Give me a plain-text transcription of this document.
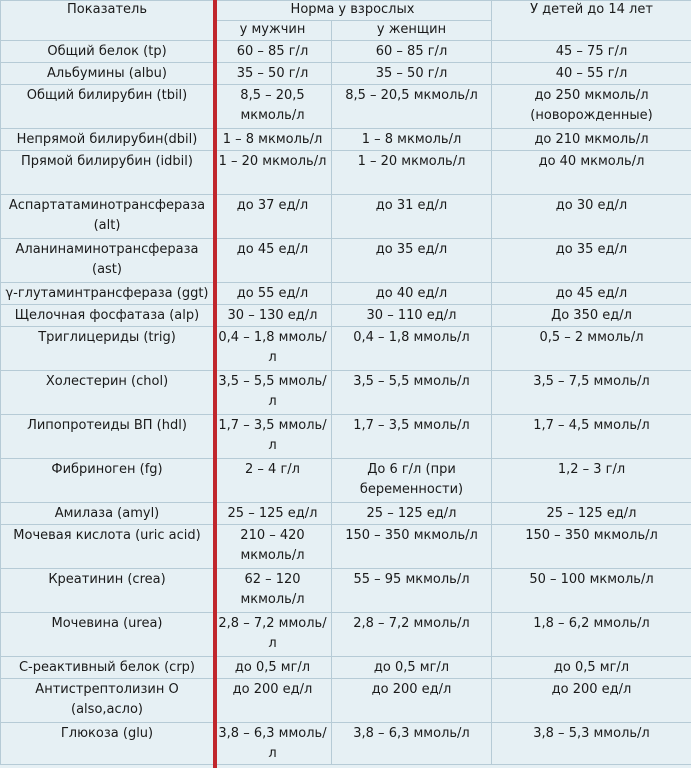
Показатель	Норма у взрослых		У детей до 14 лет
	у мужчин	у женщин	
Общий белок (tp)	60 – 85 г/л	60 – 85 г/л	45 – 75 г/л
Альбумины (albu)	35 – 50 г/л	35 – 50 г/л	40 – 55 г/л
Общий билирубин (tbil)	8,5 – 20,5 мкмоль/л	8,5 – 20,5 мкмоль/л	до 250 мкмоль/л (новорожденные)
Непрямой билирубин(dbil)	1 – 8 мкмоль/л	1 – 8 мкмоль/л	до 210 мкмоль/л
Прямой билирубин (idbil)	1 – 20 мкмоль/л	1 – 20 мкмоль/л	до 40 мкмоль/л
Аспартатаминотрансфераза (alt)	до 37 ед/л	до 31 ед/л	до 30 ед/л
Аланинаминотрансфераза (ast)	до 45 ед/л	до 35 ед/л	до 35 ед/л
γ-глутаминтрансфераза (ggt)	до 55 ед/л	до 40 ед/л	до 45 ед/л
Щелочная фосфатаза (alp)	30 – 130 ед/л	30 – 110 ед/л	До 350 ед/л
Триглицериды (trig)	0,4 – 1,8 ммоль/л	0,4 – 1,8 ммоль/л	0,5 – 2 ммоль/л
Холестерин (chol)	3,5 – 5,5 ммоль/л	3,5 – 5,5 ммоль/л	3,5 – 7,5 ммоль/л
Липопротеиды ВП (hdl)	1,7 – 3,5 ммоль/л	1,7 – 3,5 ммоль/л	1,7 – 4,5 ммоль/л
Фибриноген (fg)	2 – 4 г/л	До 6 г/л (при беременности)	1,2 – 3 г/л
Амилаза (amyl)	25 – 125 ед/л	25 – 125 ед/л	25 – 125 ед/л
Мочевая кислота (uric acid)	210 – 420 мкмоль/л	150 – 350 мкмоль/л	150 – 350 мкмоль/л
Креатинин (crea)	62 – 120 мкмоль/л	55 – 95 мкмоль/л	50 – 100 мкмоль/л
Мочевина (urea)	2,8 – 7,2 ммоль/л	2,8 – 7,2 ммоль/л	1,8 – 6,2 ммоль/л
С-реактивный белок (crp)	до 0,5 мг/л	до 0,5 мг/л	до 0,5 мг/л
Антистрептолизин О (also,асло)	до 200 ед/л	до 200 ед/л	до 200 ед/л
Глюкоза (glu)	3,8 – 6,3 ммоль/л	3,8 – 6,3 ммоль/л	3,8 – 5,3 ммоль/л
